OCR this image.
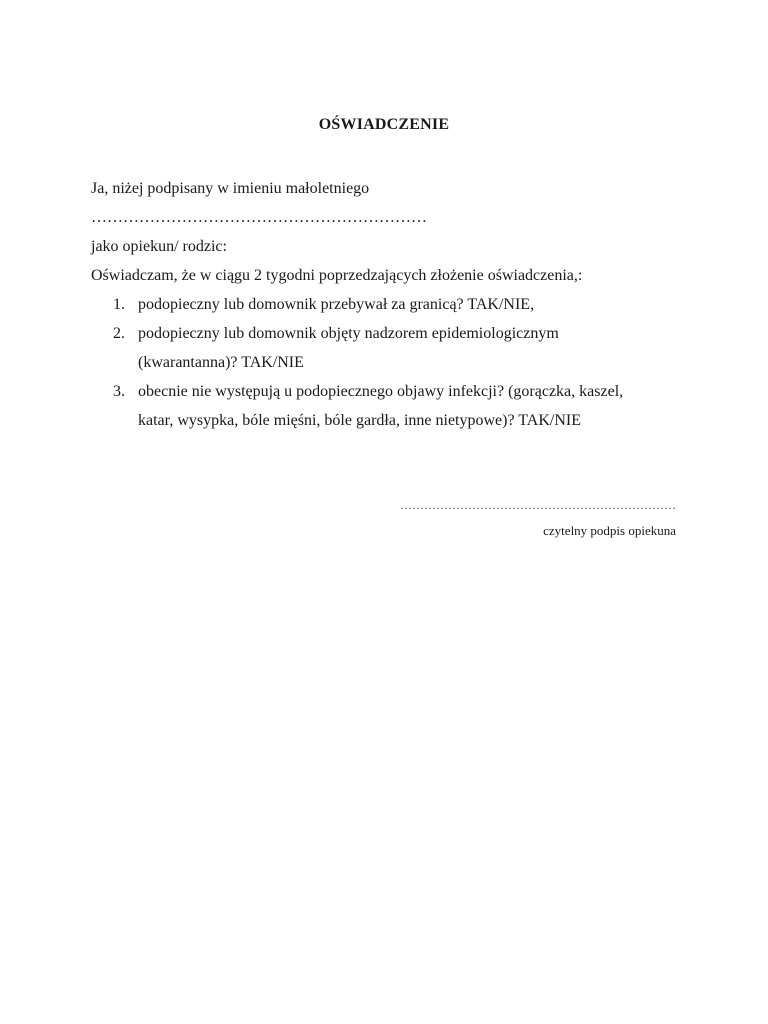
OŚWIADCZENIE
Ja, niżej podpisany w imieniu małoletniego
………………………………………………………
jako opiekun/ rodzic:
Oświadczam, że w ciągu 2 tygodni poprzedzających złożenie oświadczenia,:
1. podopieczny lub domownik przebywał za granicą? TAK/NIE,
2. podopieczny lub domownik objęty nadzorem epidemiologicznym (kwarantanna)? TAK/NIE
3. obecnie nie występują u podopiecznego objawy infekcji? (gorączka, kaszel, katar, wysypka, bóle mięśni, bóle gardła, inne nietypowe)? TAK/NIE
……………………………………………………………
czytelny podpis opiekuna
